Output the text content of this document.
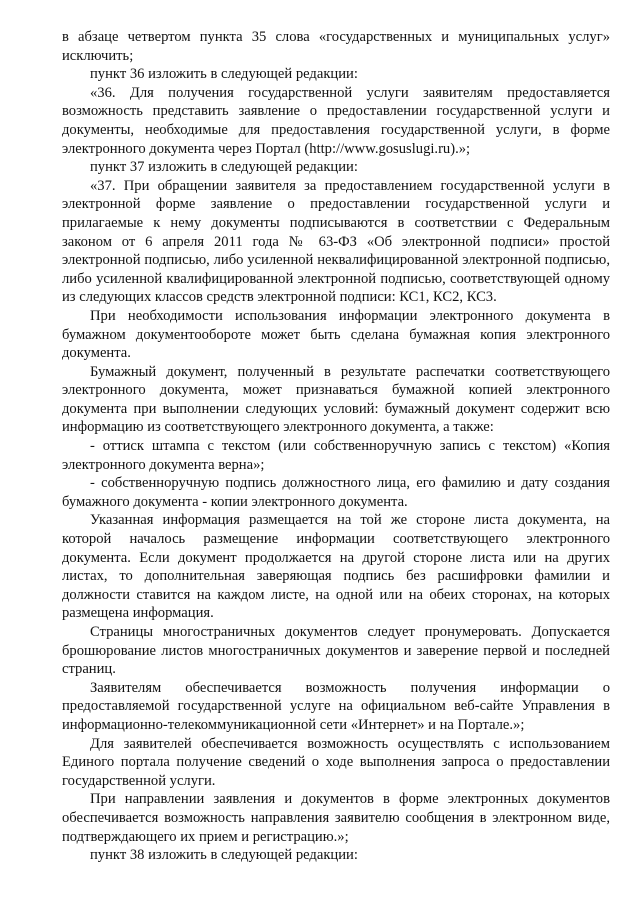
в абзаце четвертом пункта 35 слова «государственных и муниципальных услуг» исключить;

пункт 36 изложить в следующей редакции:

«36. Для получения государственной услуги заявителям предоставляется возможность представить заявление о предоставлении государственной услуги и документы, необходимые для предоставления государственной услуги, в форме электронного документа через Портал (http://www.gosuslugi.ru).»;

пункт 37 изложить в следующей редакции:

«37. При обращении заявителя за предоставлением государственной услуги в электронной форме заявление о предоставлении государственной услуги и прилагаемые к нему документы подписываются в соответствии с Федеральным законом от 6 апреля 2011 года № 63-ФЗ «Об электронной подписи» простой электронной подписью, либо усиленной неквалифицированной электронной подписью, либо усиленной квалифицированной электронной подписью, соответствующей одному из следующих классов средств электронной подписи: КС1, КС2, КС3.

При необходимости использования информации электронного документа в бумажном документообороте может быть сделана бумажная копия электронного документа.

Бумажный документ, полученный в результате распечатки соответствующего электронного документа, может признаваться бумажной копией электронного документа при выполнении следующих условий: бумажный документ содержит всю информацию из соответствующего электронного документа, а также:

- оттиск штампа с текстом (или собственноручную запись с текстом) «Копия электронного документа верна»;

- собственноручную подпись должностного лица, его фамилию и дату создания бумажного документа - копии электронного документа.

Указанная информация размещается на той же стороне листа документа, на которой началось размещение информации соответствующего электронного документа. Если документ продолжается на другой стороне листа или на других листах, то дополнительная заверяющая подпись без расшифровки фамилии и должности ставится на каждом листе, на одной или на обеих сторонах, на которых размещена информация.

Страницы многостраничных документов следует пронумеровать. Допускается брошюрование листов многостраничных документов и заверение первой и последней страниц.

Заявителям обеспечивается возможность получения информации о предоставляемой государственной услуге на официальном веб-сайте Управления в информационно-телекоммуникационной сети «Интернет» и на Портале.»;

Для заявителей обеспечивается возможность осуществлять с использованием Единого портала получение сведений о ходе выполнения запроса о предоставлении государственной услуги.

При направлении заявления и документов в форме электронных документов обеспечивается возможность направления заявителю сообщения в электронном виде, подтверждающего их прием и регистрацию.»;

пункт 38 изложить в следующей редакции:
